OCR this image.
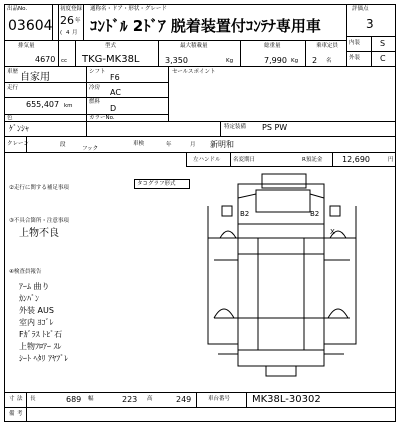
出品No.
03604
初度登録
26 年
( 4 月
通称名・ドア・形状・グレード
ｺﾝﾄﾞﾙ 2ﾄﾞｱ 脱着装置付ｺﾝﾃﾅ専用車
評価点
3
内装 S
外装 C
排気量
4670 cc
型式
TKG-MK38L
最大積載量
3,350	Kg
総重量
7,990 Kg
乗車定員
2 名
車歴 自家用	シフト
F6
セールスポイント
走行
655,407 km
冷房 AC
燃料
D
色
ｹﾞﾝｼｬ
カラーNo.
特定装備 PS PW
クレーン	段
フック
車検	年	月 新明和
左ハンドル 名変期日	R預託金 12,690	円
②走行に関する補足事項
タコグラフ形式
③不具合箇所・注意事項
上物不良
④検査員報告
ｱｰﾑ 曲り
ｶﾝﾊﾞﾝ
外装 AUS
室内 ﾖｺﾞﾚ
Fｶﾞﾗｽ ﾄﾋﾞ石
上物ﾌﾛｱｰ ｽﾚ
ｼｰﾄ ﾍﾀﾘ ｱﾔﾌﾞﾚ
B2	B2
X
寸 法 長	689 幅	223 高	249	車台番号 MK38L-30302
備 考
